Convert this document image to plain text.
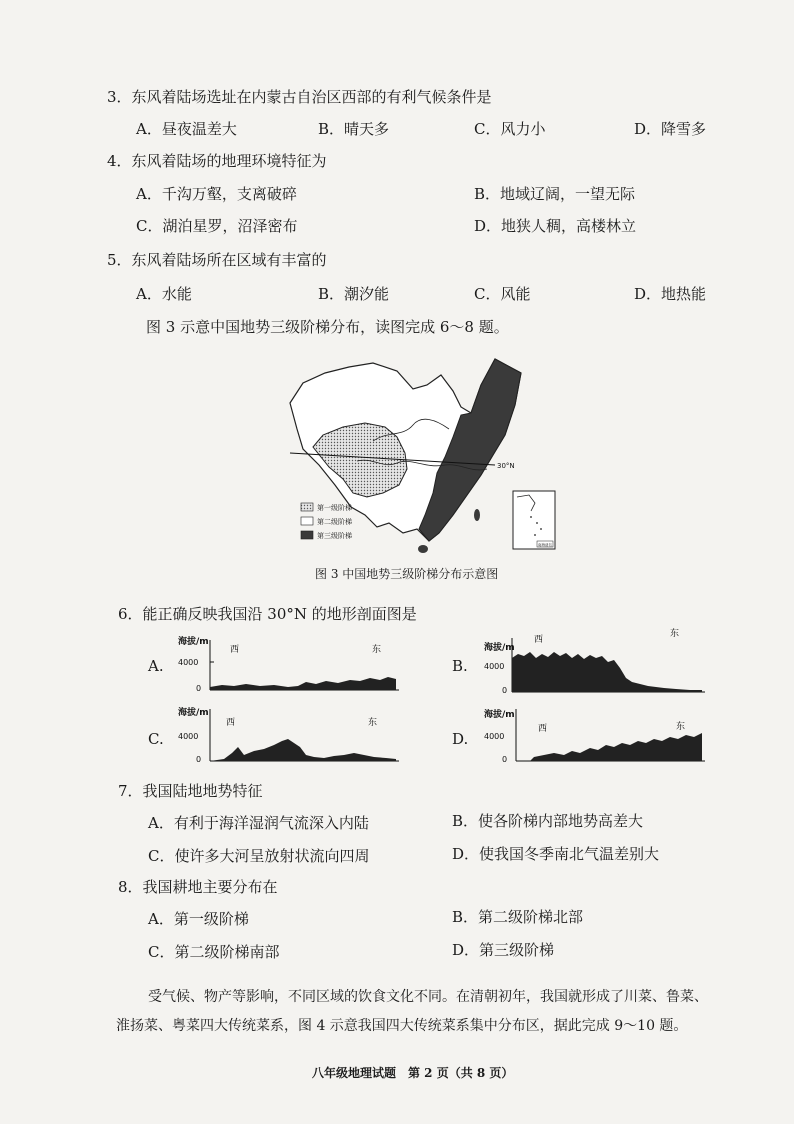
3．东风着陆场选址在内蒙古自治区西部的有利气候条件是
A．昼夜温差大	B．晴天多	C．风力小	D．降雪多
4．东风着陆场的地理环境特征为
A．千沟万壑，支离破碎	B．地域辽阔，一望无际
C．湖泊星罗，沼泽密布	D．地狭人稠，高楼林立
5．东风着陆场所在区域有丰富的
A．水能	B．潮汐能	C．风能	D．地热能
图 3 示意中国地势三级阶梯分布，读图完成 6～8 题。
30°N
第一级阶梯
第二级阶梯
第三级阶梯
南海诸岛
图 3 中国地势三级阶梯分布示意图
6．能正确反映我国沿 30°N 的地形剖面图是
A.
海拔/m
4000
0
西	东
B.
海拔/m
4000
0
西
东
C.
海拔/m
4000
0
西	东
D.
海拔/m
4000
0
西	东
7．我国陆地地势特征
A．有利于海洋湿润气流深入内陆	B．使各阶梯内部地势高差大
C．使许多大河呈放射状流向四周	D．使我国冬季南北气温差别大
8．我国耕地主要分布在
A．第一级阶梯	B．第二级阶梯北部
C．第二级阶梯南部	D．第三级阶梯
受气候、物产等影响，不同区域的饮食文化不同。在清朝初年，我国就形成了川菜、鲁菜、
淮扬菜、粤菜四大传统菜系，图 4 示意我国四大传统菜系集中分布区，据此完成 9～10 题。
八年级地理试题　第 2 页（共 8 页）
